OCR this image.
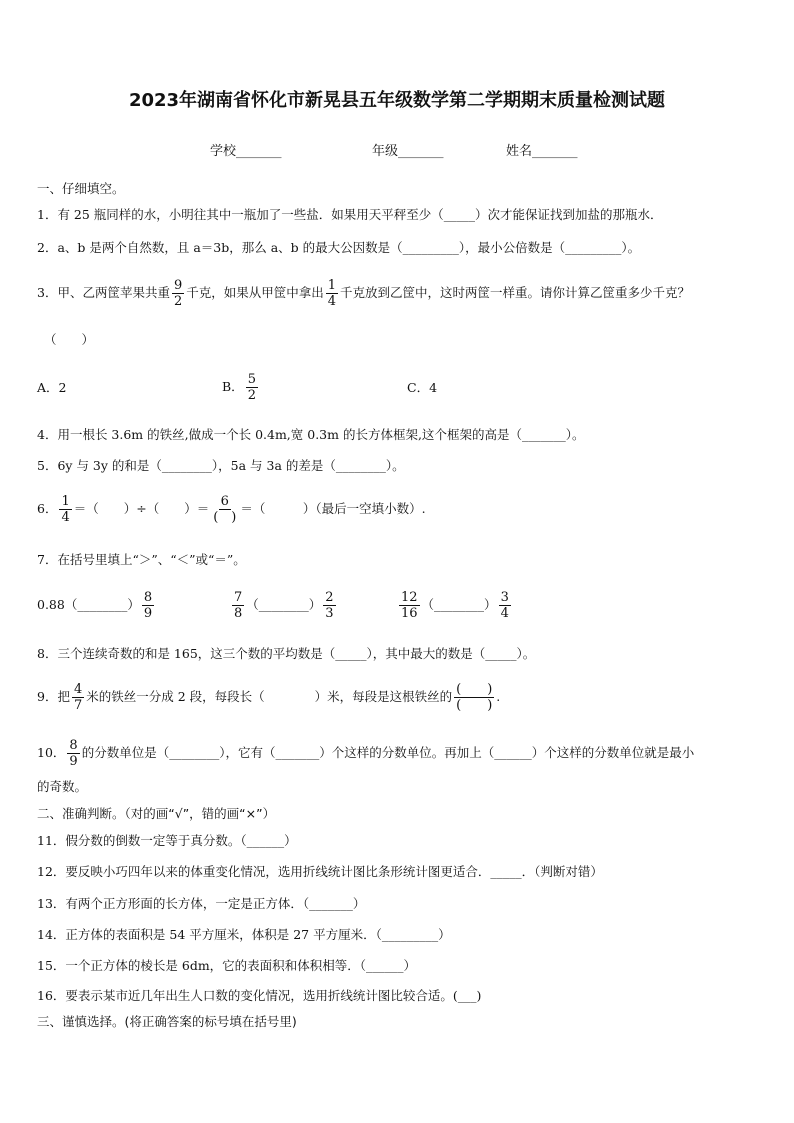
2023年湖南省怀化市新晃县五年级数学第二学期期末质量检测试题
学校_______	年级_______	姓名_______
一、仔细填空。
1．有 25 瓶同样的水，小明往其中一瓶加了一些盐．如果用天平秤至少（_____）次才能保证找到加盐的那瓶水．
2．a、b 是两个自然数，且 a＝3b，那么 a、b 的最大公因数是（_________），最小公倍数是（_________）。
3．甲、乙两筐苹果共重 $\frac{9}{2}$ 千克，如果从甲筐中拿出 $\frac{1}{4}$ 千克放到乙筐中，这时两筐一样重。请你计算乙筐重多少千克？
（　　）
A．2	B． $\frac{5}{2}$	C．4
4．用一根长 3.6m 的铁丝,做成一个长 0.4m,宽 0.3m 的长方体框架,这个框架的高是（_______）。
5．6y 与 3y 的和是（________），5a 与 3a 的差是（________）。
6． $\frac{1}{4}$ ＝（　　）÷（　　）＝ $\frac{6}{( )}$ ＝（　　　）（最后一空填小数）.
7．在括号里填上“＞”、“＜”或“＝”。
0.88（________） $\frac{8}{9}$	$\frac{7}{8}$ （________） $\frac{2}{3}$	$\frac{12}{16}$ （________） $\frac{3}{4}$
8．三个连续奇数的和是 165，这三个数的平均数是（_____），其中最大的数是（_____）。
9．把 $\frac{4}{7}$ 米的铁丝一分成 2 段，每段长（　　　　）米，每段是这根铁丝的 $\frac{( )}{( )}$ .
10． $\frac{8}{9}$ 的分数单位是（________），它有（_______）个这样的分数单位。再加上（______）个这样的分数单位就是最小
的奇数。
二、准确判断。（对的画“√”，错的画“×”）
11．假分数的倒数一定等于真分数。（______）
12．要反映小巧四年以来的体重变化情况，选用折线统计图比条形统计图更适合．_____．（判断对错）
13．有两个正方形面的长方体，一定是正方体．（_______）
14．正方体的表面积是 54 平方厘米，体积是 27 平方厘米．（_________）
15．一个正方体的棱长是 6dm，它的表面积和体积相等．（______）
16．要表示某市近几年出生人口数的变化情况，选用折线统计图比较合适。(___)
三、谨慎选择。(将正确答案的标号填在括号里)
